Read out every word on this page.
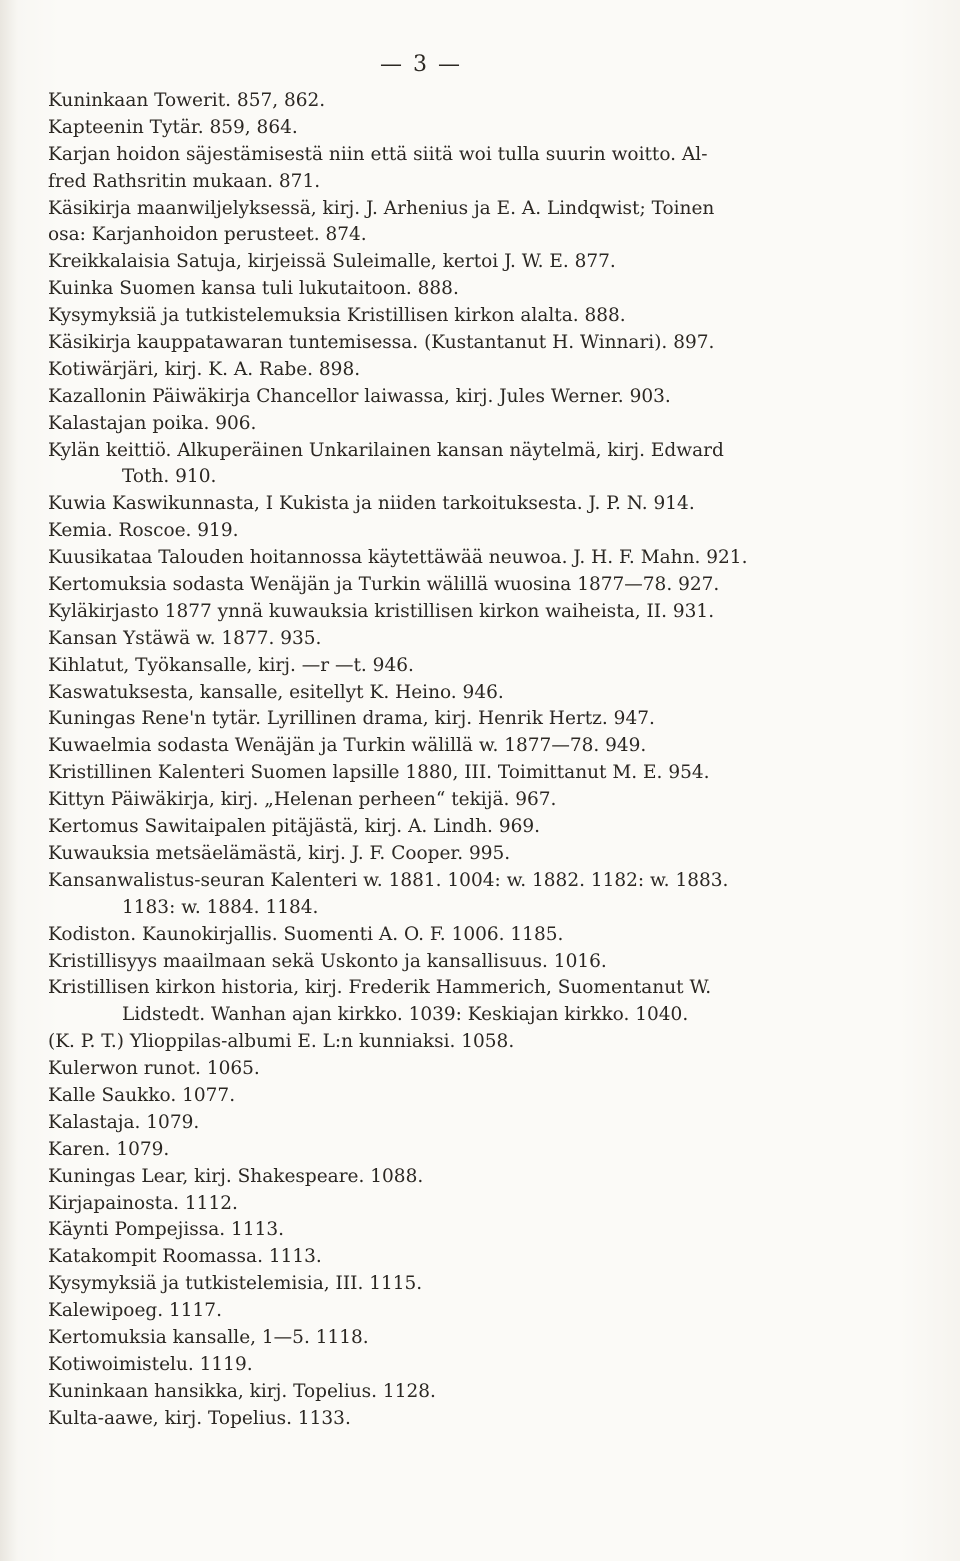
— 3 —
Kuninkaan Towerit. 857, 862.
Kapteenin Tytär. 859, 864.
Karjan hoidon säjestämisestä niin että siitä woi tulla suurin woitto. Al-
fred Rathsritin mukaan. 871.
Käsikirja maanwiljelyksessä, kirj. J. Arhenius ja E. A. Lindqwist; Toinen
osa: Karjanhoidon perusteet. 874.
Kreikkalaisia Satuja, kirjeissä Suleimalle, kertoi J. W. E. 877.
Kuinka Suomen kansa tuli lukutaitoon. 888.
Kysymyksiä ja tutkistelemuksia Kristillisen kirkon alalta. 888.
Käsikirja kauppatawaran tuntemisessa. (Kustantanut H. Winnari). 897.
Kotiwärjäri, kirj. K. A. Rabe. 898.
Kazallonin Päiwäkirja Chancellor laiwassa, kirj. Jules Werner. 903.
Kalastajan poika. 906.
Kylän keittiö. Alkuperäinen Unkarilainen kansan näytelmä, kirj. Edward
Toth. 910.
Kuwia Kaswikunnasta, I Kukista ja niiden tarkoituksesta. J. P. N. 914.
Kemia. Roscoe. 919.
Kuusikataa Talouden hoitannossa käytettäwää neuwoa. J. H. F. Mahn. 921.
Kertomuksia sodasta Wenäjän ja Turkin wälillä wuosina 1877—78. 927.
Kyläkirjasto 1877 ynnä kuwauksia kristillisen kirkon waiheista, II. 931.
Kansan Ystäwä w. 1877. 935.
Kihlatut, Työkansalle, kirj. —r —t. 946.
Kaswatuksesta, kansalle, esitellyt K. Heino. 946.
Kuningas Rene'n tytär. Lyrillinen drama, kirj. Henrik Hertz. 947.
Kuwaelmia sodasta Wenäjän ja Turkin wälillä w. 1877—78. 949.
Kristillinen Kalenteri Suomen lapsille 1880, III. Toimittanut M. E. 954.
Kittyn Päiwäkirja, kirj. „Helenan perheen“ tekijä. 967.
Kertomus Sawitaipalen pitäjästä, kirj. A. Lindh. 969.
Kuwauksia metsäelämästä, kirj. J. F. Cooper. 995.
Kansanwalistus-seuran Kalenteri w. 1881. 1004: w. 1882. 1182: w. 1883.
1183: w. 1884. 1184.
Kodiston. Kaunokirjallis. Suomenti A. O. F. 1006. 1185.
Kristillisyys maailmaan sekä Uskonto ja kansallisuus. 1016.
Kristillisen kirkon historia, kirj. Frederik Hammerich, Suomentanut W.
Lidstedt. Wanhan ajan kirkko. 1039: Keskiajan kirkko. 1040.
(K. P. T.) Ylioppilas-albumi E. L:n kunniaksi. 1058.
Kulerwon runot. 1065.
Kalle Saukko. 1077.
Kalastaja. 1079.
Karen. 1079.
Kuningas Lear, kirj. Shakespeare. 1088.
Kirjapainosta. 1112.
Käynti Pompejissa. 1113.
Katakompit Roomassa. 1113.
Kysymyksiä ja tutkistelemisia, III. 1115.
Kalewipoeg. 1117.
Kertomuksia kansalle, 1—5. 1118.
Kotiwoimistelu. 1119.
Kuninkaan hansikka, kirj. Topelius. 1128.
Kulta-aawe, kirj. Topelius. 1133.
